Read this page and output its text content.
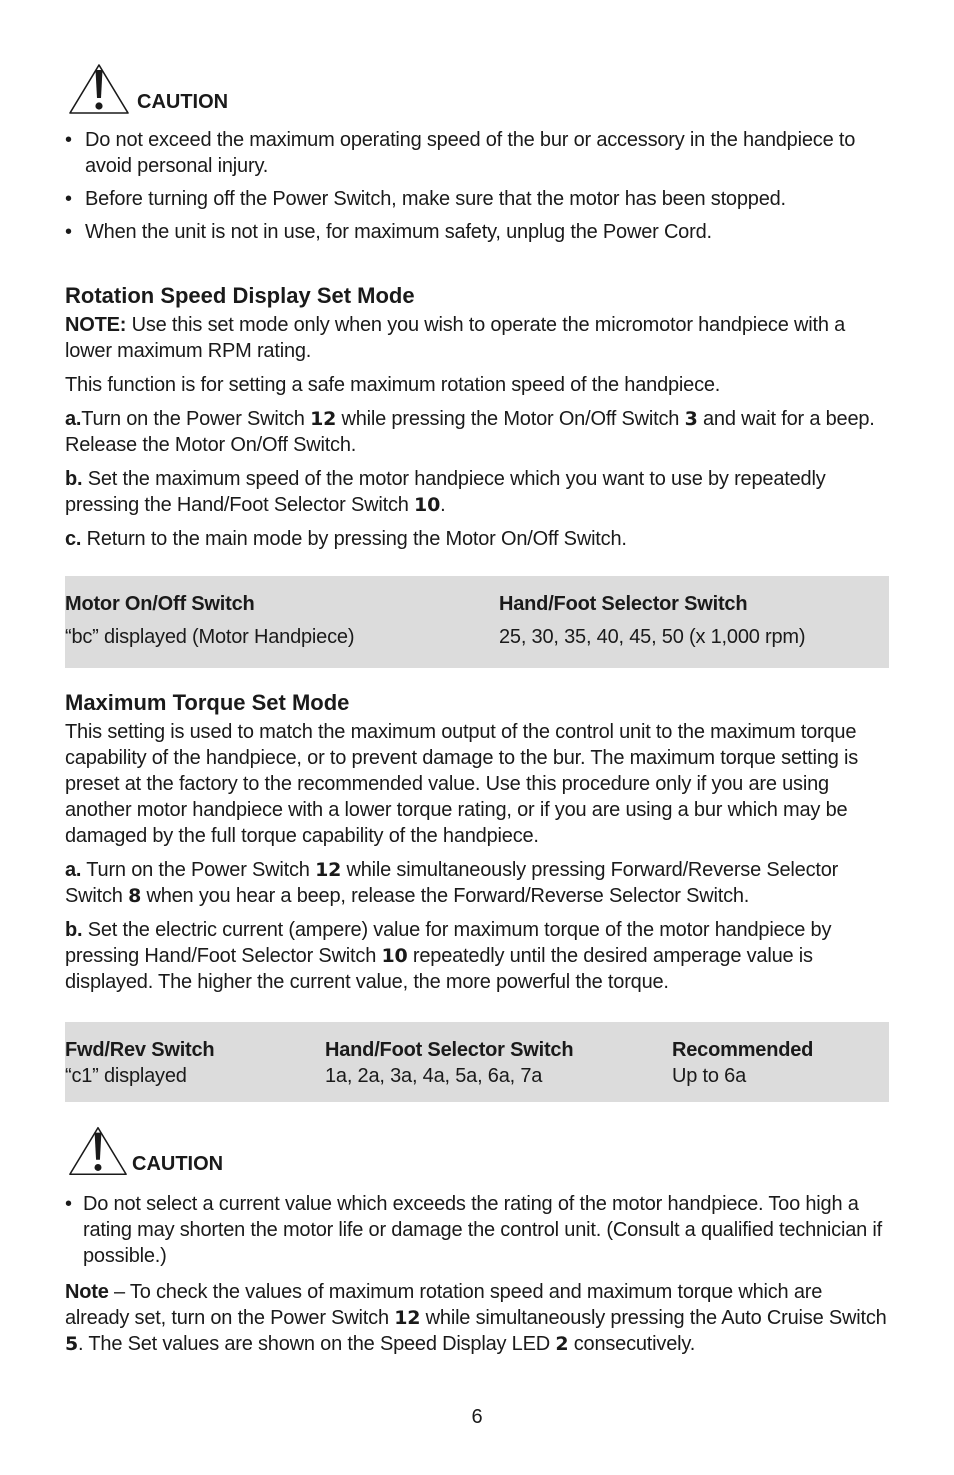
CAUTION
• Do not exceed the maximum operating speed of the bur or accessory in the handpiece to avoid personal injury.
• Before turning off the Power Switch, make sure that the motor has been stopped.
• When the unit is not in use, for maximum safety, unplug the Power Cord.
Rotation Speed Display Set Mode

NOTE: Use this set mode only when you wish to operate the micromotor handpiece with a lower maximum RPM rating.

This function is for setting a safe maximum rotation speed of the handpiece.

a.Turn on the Power Switch 12 while pressing the Motor On/Off Switch 3 and wait for a beep. Release the Motor On/Off Switch.

b. Set the maximum speed of the motor handpiece which you want to use by repeatedly pressing the Hand/Foot Selector Switch 10.

c. Return to the main mode by pressing the Motor On/Off Switch.

Motor On/Off Switch	Hand/Foot Selector Switch
“bc” displayed (Motor Handpiece)	25, 30, 35, 40, 45, 50 (x 1,000 rpm)
Maximum Torque Set Mode

This setting is used to match the maximum output of the control unit to the maximum torque capability of the handpiece, or to prevent damage to the bur. The maximum torque setting is preset at the factory to the recommended value. Use this procedure only if you are using another motor handpiece with a lower torque rating, or if you are using a bur which may be damaged by the full torque capability of the handpiece.

a. Turn on the Power Switch 12 while simultaneously pressing Forward/Reverse Selector Switch 8 when you hear a beep, release the Forward/Reverse Selector Switch.

b. Set the electric current (ampere) value for maximum torque of the motor handpiece by pressing Hand/Foot Selector Switch 10 repeatedly until the desired amperage value is displayed. The higher the current value, the more powerful the torque.

Fwd/Rev Switch	Hand/Foot Selector Switch	Recommended
“c1” displayed	1a, 2a, 3a, 4a, 5a, 6a, 7a	Up to 6a
CAUTION
• Do not select a current value which exceeds the rating of the motor handpiece. Too high a rating may shorten the motor life or damage the control unit. (Consult a qualified technician if possible.)

Note – To check the values of maximum rotation speed and maximum torque which are already set, turn on the Power Switch 12 while simultaneously pressing the Auto Cruise Switch 5. The Set values are shown on the Speed Display LED 2 consecutively.

6
